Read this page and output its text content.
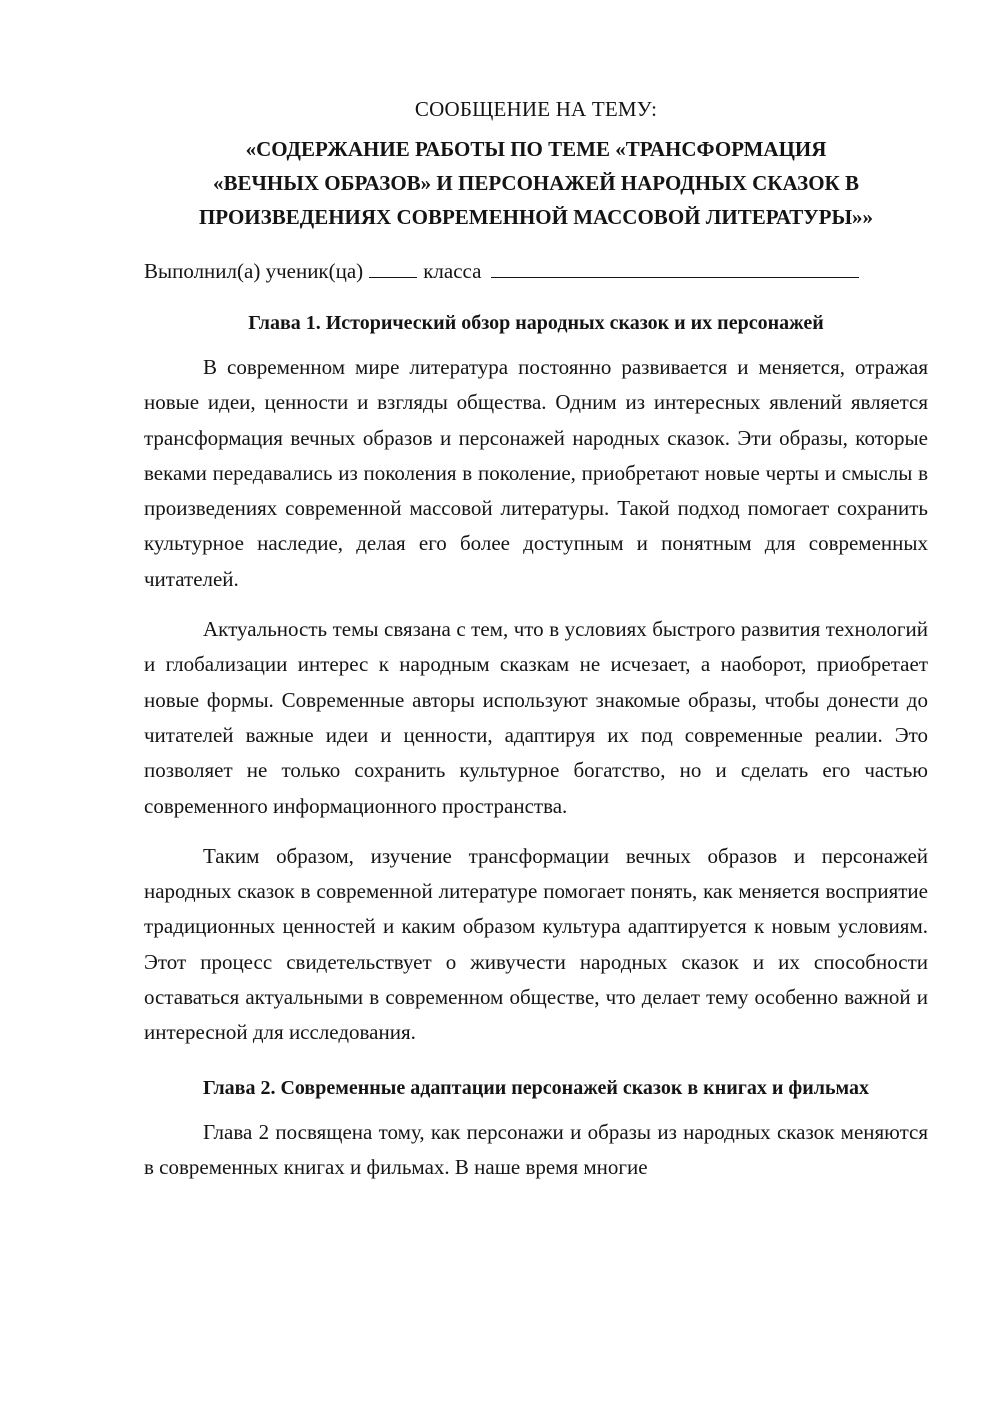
СООБЩЕНИЕ НА ТЕМУ:

«СОДЕРЖАНИЕ РАБОТЫ ПО ТЕМЕ «ТРАНСФОРМАЦИЯ
«ВЕЧНЫХ ОБРАЗОВ» И ПЕРСОНАЖЕЙ НАРОДНЫХ СКАЗОК В
ПРОИЗВЕДЕНИЯХ СОВРЕМЕННОЙ МАССОВОЙ ЛИТЕРАТУРЫ»»

Выполнил(а) ученик(ца)	класса

Глава 1. Исторический обзор народных сказок и их персонажей

В современном мире литература постоянно развивается и меняется, отражая новые идеи, ценности и взгляды общества. Одним из интересных явлений является трансформация вечных образов и персонажей народных сказок. Эти образы, которые веками передавались из поколения в поколение, приобретают новые черты и смыслы в произведениях современной массовой литературы. Такой подход помогает сохранить культурное наследие, делая его более доступным и понятным для современных читателей.

Актуальность темы связана с тем, что в условиях быстрого развития технологий и глобализации интерес к народным сказкам не исчезает, а наоборот, приобретает новые формы. Современные авторы используют знакомые образы, чтобы донести до читателей важные идеи и ценности, адаптируя их под современные реалии. Это позволяет не только сохранить культурное богатство, но и сделать его частью современного информационного пространства.

Таким образом, изучение трансформации вечных образов и персонажей народных сказок в современной литературе помогает понять, как меняется восприятие традиционных ценностей и каким образом культура адаптируется к новым условиям. Этот процесс свидетельствует о живучести народных сказок и их способности оставаться актуальными в современном обществе, что делает тему особенно важной и интересной для исследования.

Глава 2. Современные адаптации персонажей сказок в книгах и фильмах

Глава 2 посвящена тому, как персонажи и образы из народных сказок меняются в современных книгах и фильмах. В наше время многие
